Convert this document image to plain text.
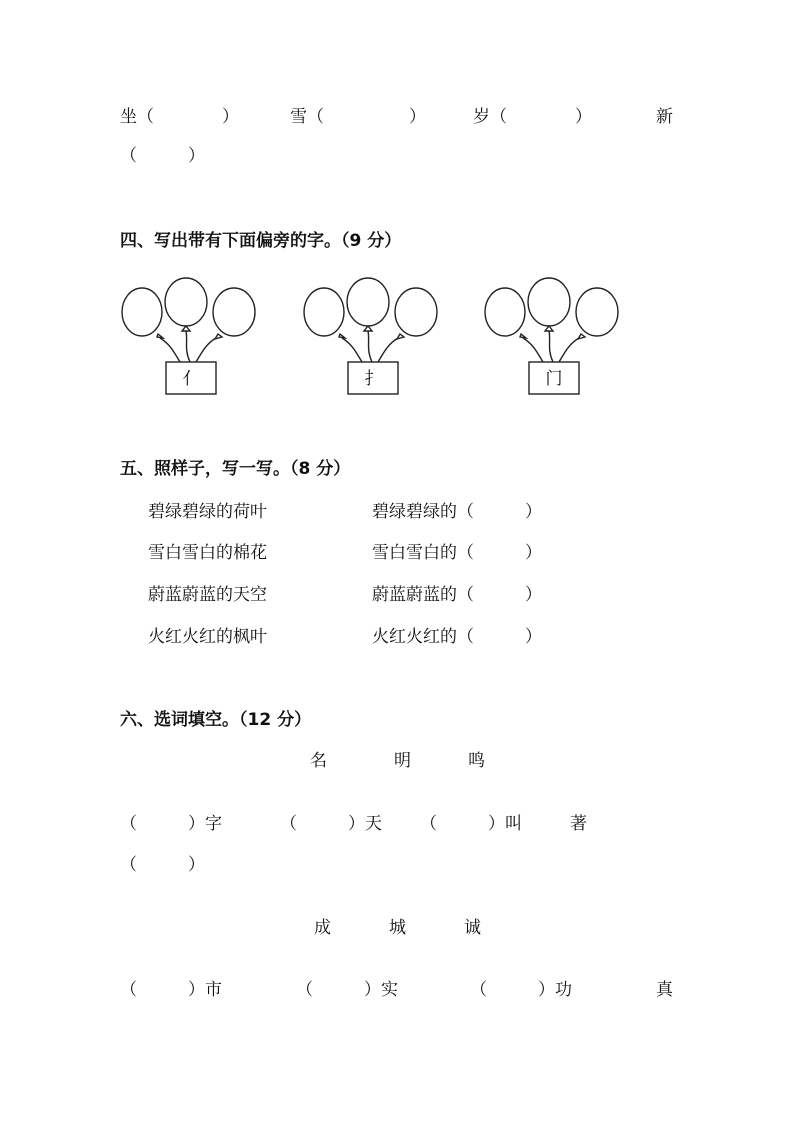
坐（　　　　）	雪（　　　　　）	岁（　　　　）	新
（　　　）
四、写出带有下面偏旁的字。（9 分）
亻	扌	门
五、照样子，写一写。（8 分）
碧绿碧绿的荷叶	碧绿碧绿的（　　　）
雪白雪白的棉花	雪白雪白的（　　　）
蔚蓝蔚蓝的天空	蔚蓝蔚蓝的（　　　）
火红火红的枫叶	火红火红的（　　　）
六、选词填空。（12 分）
名	明	鸣
（　　　）字	（　　　）天 （　　　）叫	著
（　　　）
成	城	诚
（　　　）市	（　　　）实	（　　　）功	真
